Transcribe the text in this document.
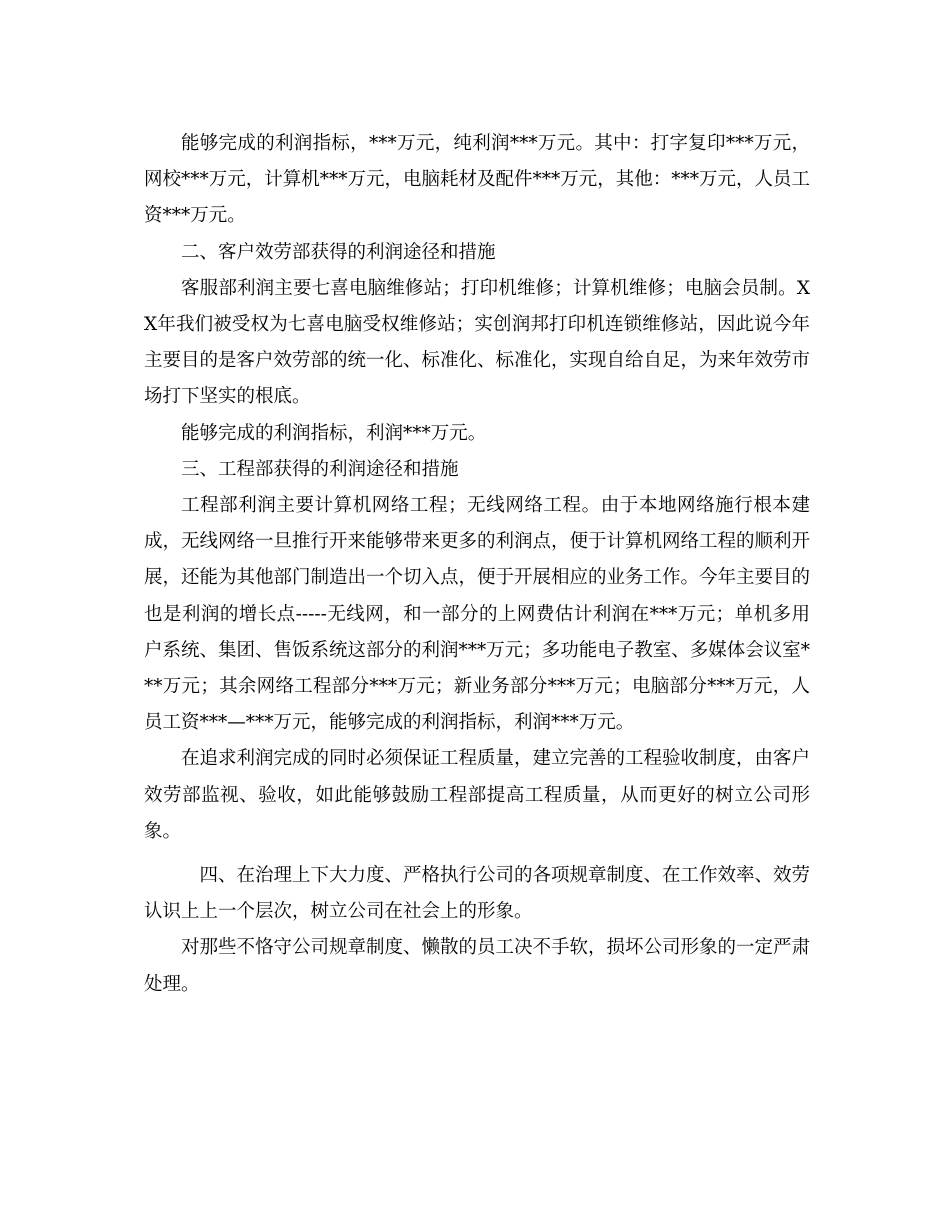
能够完成的利润指标，***万元，纯利润***万元。其中：打字复印***万元，网校***万元，计算机***万元，电脑耗材及配件***万元，其他：***万元，人员工资***万元。

二、客户效劳部获得的利润途径和措施

客服部利润主要七喜电脑维修站；打印机维修；计算机维修；电脑会员制。XX年我们被受权为七喜电脑受权维修站；实创润邦打印机连锁维修站，因此说今年主要目的是客户效劳部的统一化、标准化、标准化，实现自给自足，为来年效劳市场打下坚实的根底。

能够完成的利润指标，利润***万元。

三、工程部获得的利润途径和措施

工程部利润主要计算机网络工程；无线网络工程。由于本地网络施行根本建成，无线网络一旦推行开来能够带来更多的利润点，便于计算机网络工程的顺利开展，还能为其他部门制造出一个切入点，便于开展相应的业务工作。今年主要目的也是利润的增长点-----无线网，和一部分的上网费估计利润在***万元；单机多用户系统、集团、售饭系统这部分的利润***万元；多功能电子教室、多媒体会议室***万元；其余网络工程部分***万元；新业务部分***万元；电脑部分***万元，人员工资***—***万元，能够完成的利润指标，利润***万元。

在追求利润完成的同时必须保证工程质量，建立完善的工程验收制度，由客户效劳部监视、验收，如此能够鼓励工程部提高工程质量，从而更好的树立公司形象。

四、在治理上下大力度、严格执行公司的各项规章制度、在工作效率、效劳认识上上一个层次，树立公司在社会上的形象。

对那些不恪守公司规章制度、懒散的员工决不手软，损坏公司形象的一定严肃处理。
